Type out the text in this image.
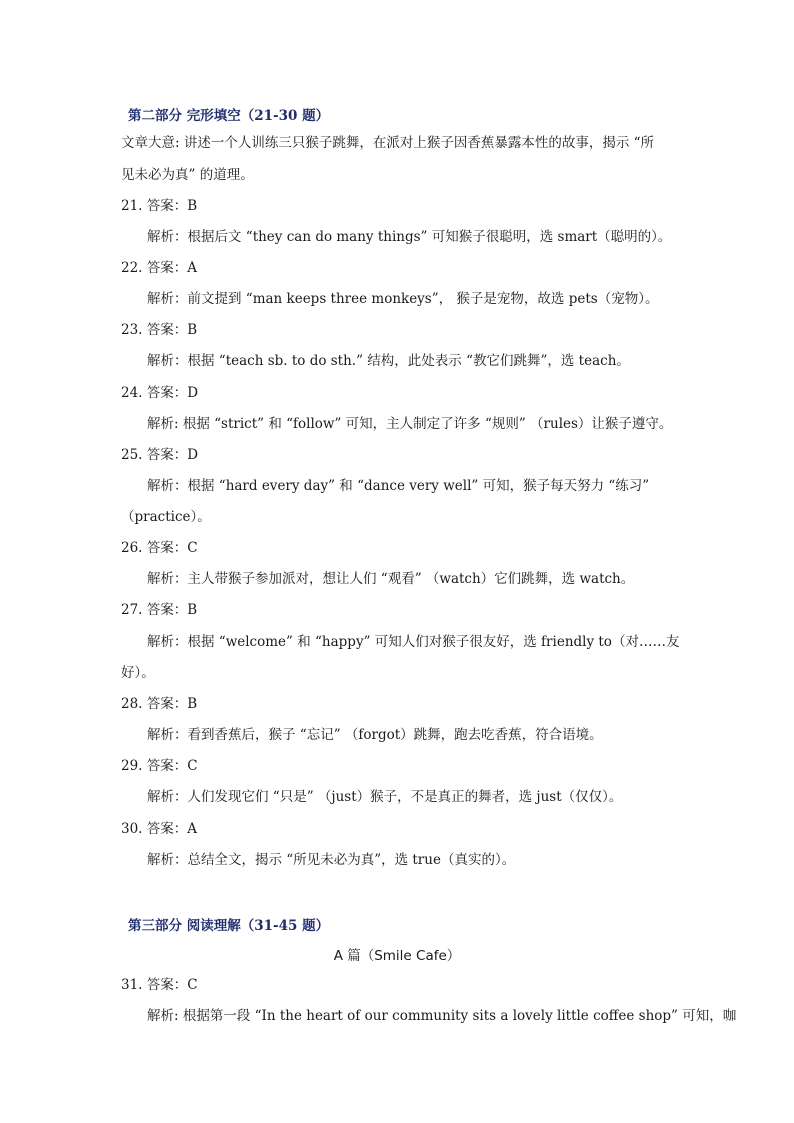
第二部分 完形填空（21-30 题）
文章大意: 讲述一个人训练三只猴子跳舞，在派对上猴子因香蕉暴露本性的故事，揭示 “所
见未必为真” 的道理。
21. 答案：B
解析：根据后文 “they can do many things” 可知猴子很聪明，选 smart（聪明的）。
22. 答案：A
解析：前文提到 “man keeps three monkeys”， 猴子是宠物，故选 pets（宠物）。
23. 答案：B
解析：根据 “teach sb. to do sth.” 结构，此处表示 “教它们跳舞”，选 teach。
24. 答案：D
解析: 根据 “strict” 和 “follow” 可知，主人制定了许多 “规则” （rules）让猴子遵守。
25. 答案：D
解析：根据 “hard every day” 和 “dance very well” 可知，猴子每天努力 “练习”
（practice）。
26. 答案：C
解析：主人带猴子参加派对，想让人们 “观看” （watch）它们跳舞，选 watch。
27. 答案：B
解析：根据 “welcome” 和 “happy” 可知人们对猴子很友好，选 friendly to（对……友
好）。
28. 答案：B
解析：看到香蕉后，猴子 “忘记” （forgot）跳舞，跑去吃香蕉，符合语境。
29. 答案：C
解析：人们发现它们 “只是” （just）猴子，不是真正的舞者，选 just（仅仅）。
30. 答案：A
解析：总结全文，揭示 “所见未必为真”，选 true（真实的）。
第三部分 阅读理解（31-45 题）
A 篇（Smile Cafe）
31. 答案：C
解析: 根据第一段 “In the heart of our community sits a lovely little coffee shop” 可知，咖
